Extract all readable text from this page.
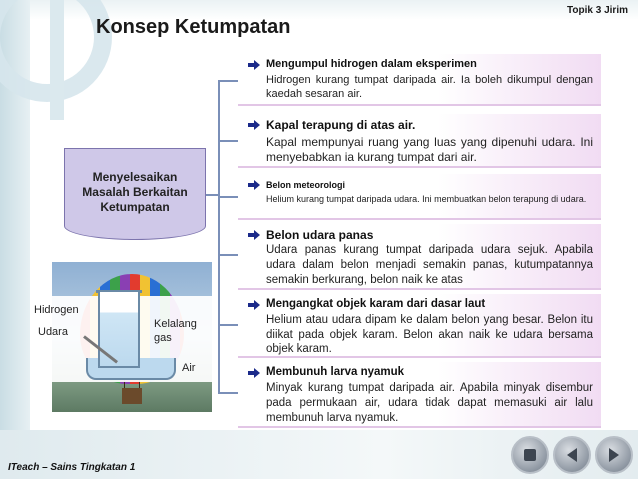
Topik 3 Jirim
Konsep Ketumpatan
Menyelesaikan
Masalah Berkaitan
Ketumpatan
Hidrogen
Udara
Kelalang
gas
Air
Mengumpul hidrogen dalam eksperimen
Hidrogen kurang tumpat daripada air. Ia boleh dikumpul dengan kaedah sesaran air.
Kapal terapung di atas air.
Kapal mempunyai ruang yang luas yang dipenuhi udara. Ini menyebabkan ia kurang tumpat dari air.
Belon meteorologi
Helium kurang tumpat daripada udara. Ini membuatkan belon terapung di udara.
Belon udara panas
Udara panas kurang tumpat daripada udara sejuk. Apabila udara dalam belon menjadi semakin panas, kutumpatannya semakin berkurang, belon naik ke atas
Mengangkat objek karam dari dasar laut
Helium atau udara dipam ke dalam belon yang besar. Belon itu diikat pada objek karam. Belon akan naik ke udara bersama objek karam.
Membunuh larva nyamuk
Minyak kurang tumpat daripada air. Apabila minyak disembur pada permukaan air, udara tidak dapat memasuki air lalu membunuh larva nyamuk.
ITeach – Sains Tingkatan 1
